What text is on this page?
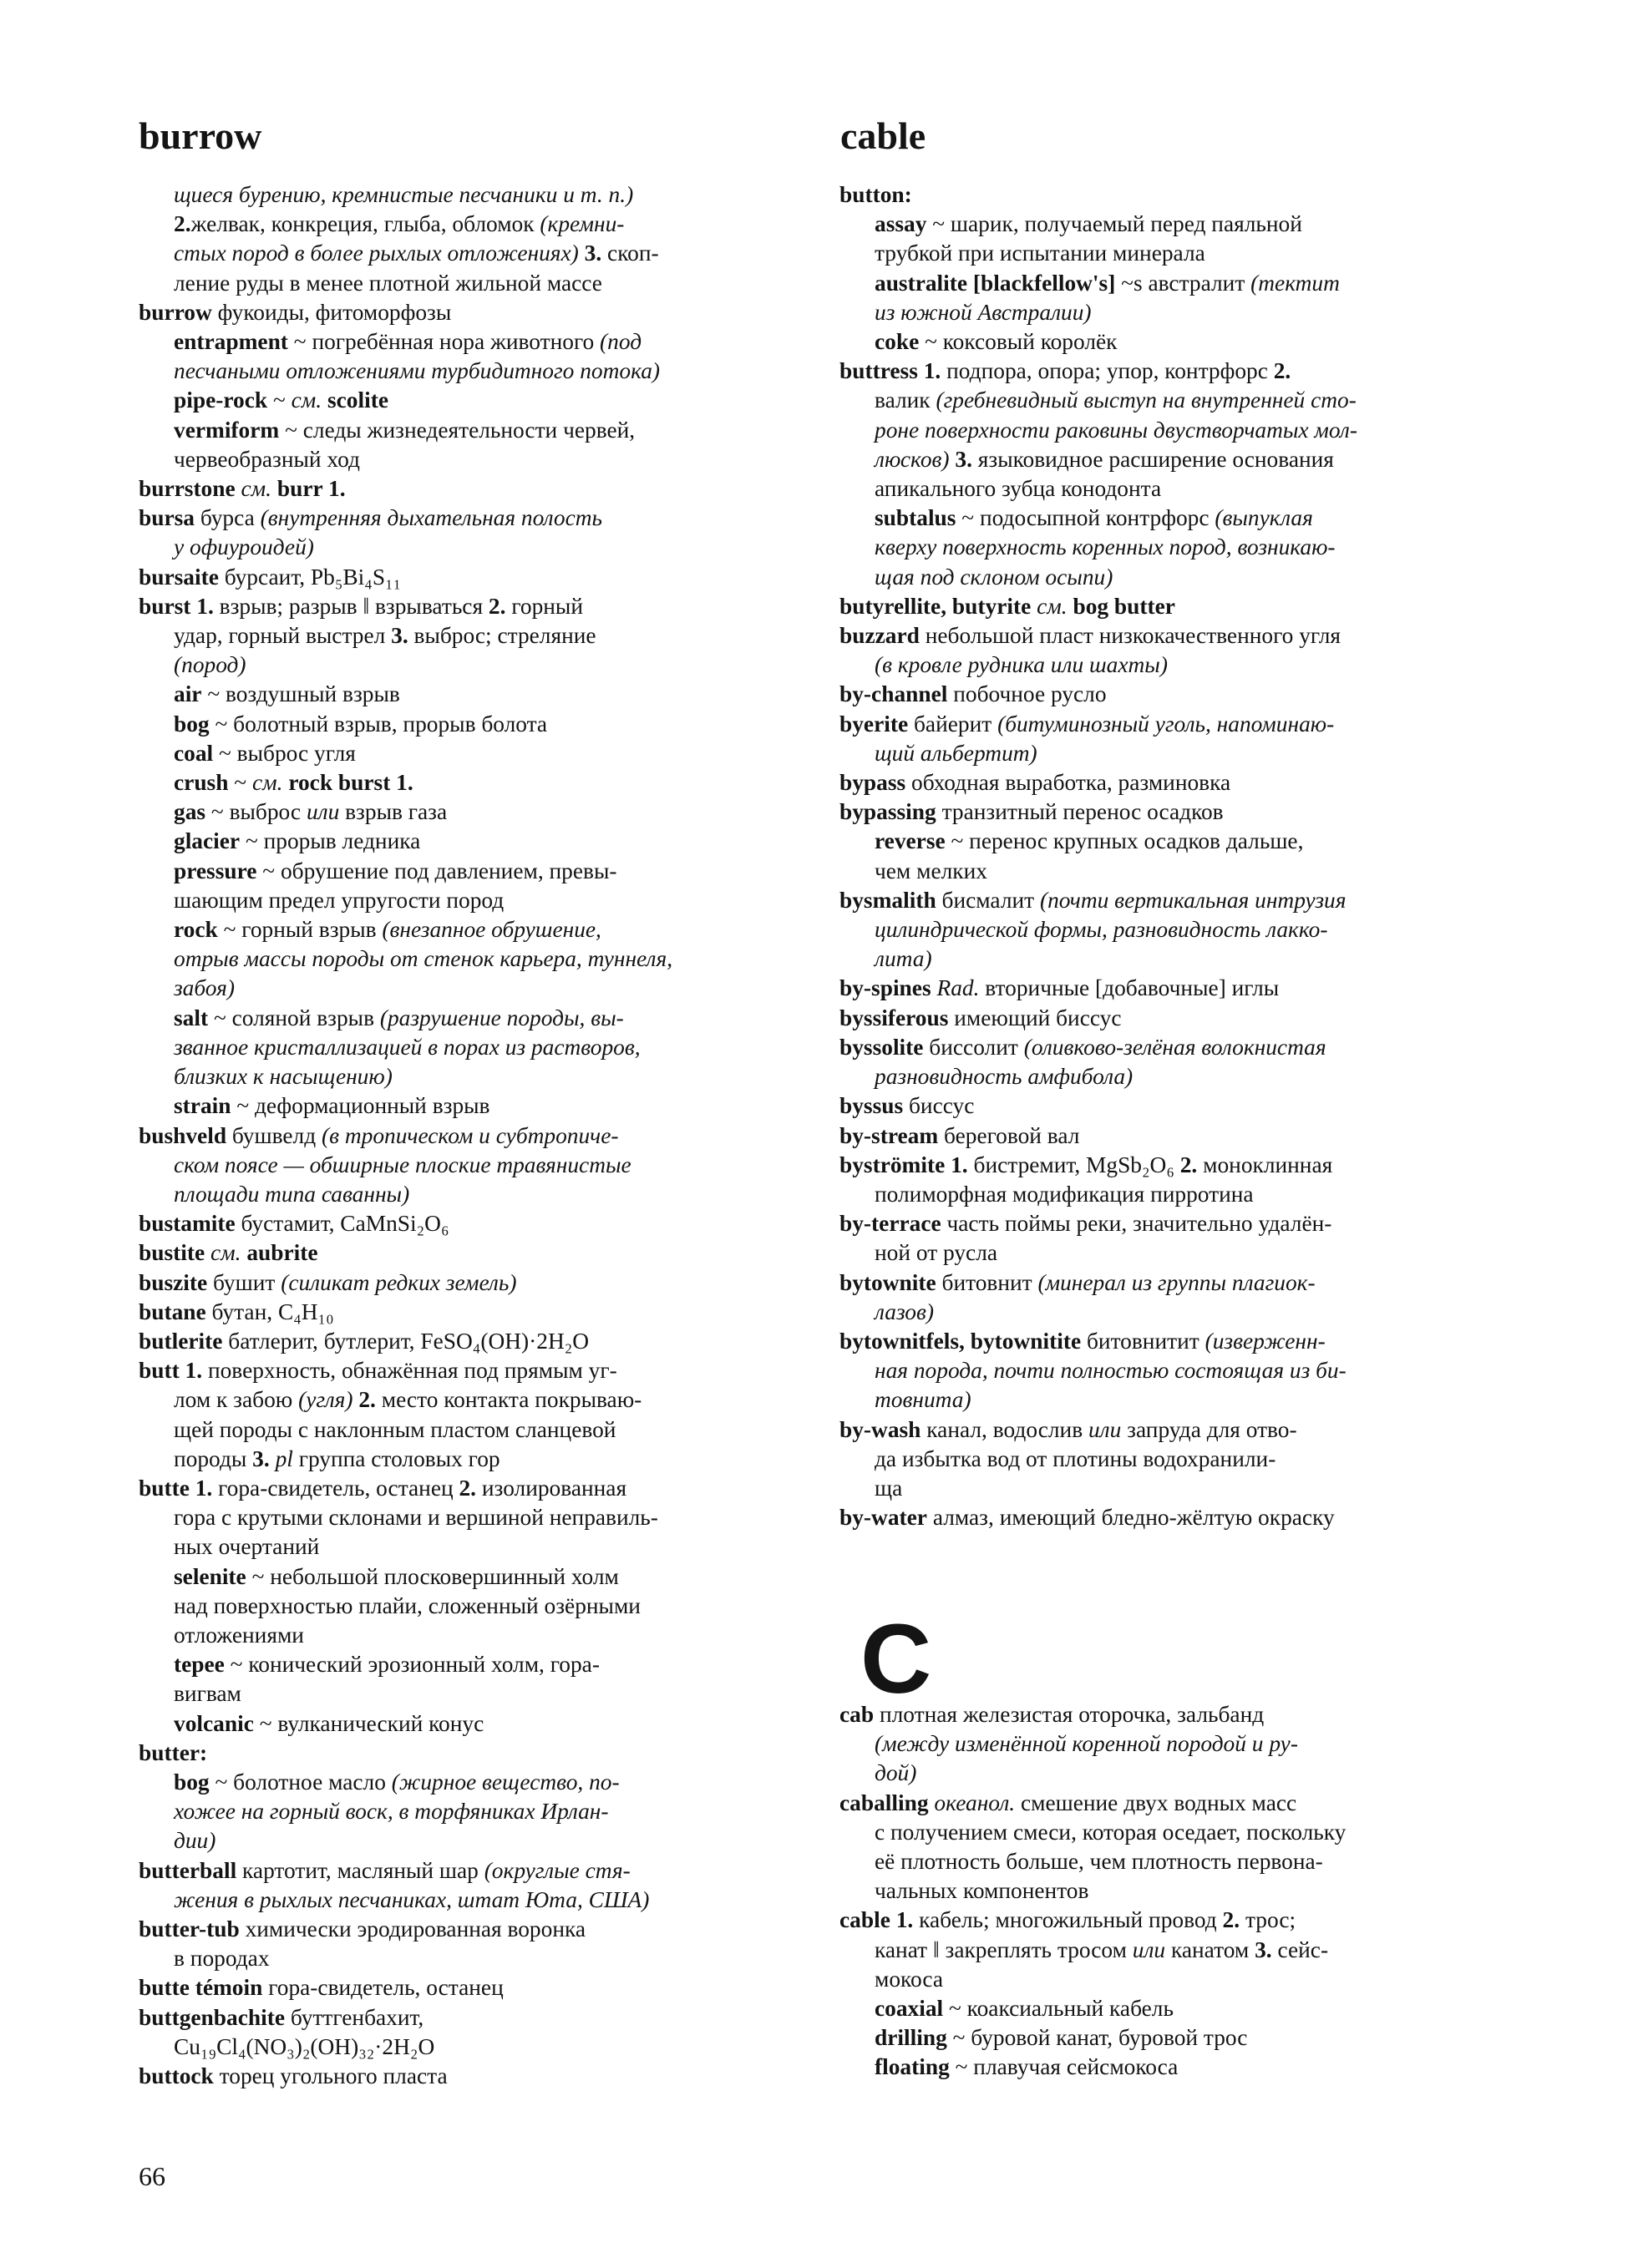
burrow	cable
щиеся бурению, кремнистые песчаники и т. п.)
2.желвак, конкреция, глыба, обломок (кремни-
стых пород в более рыхлых отложениях) 3. скоп-
ление руды в менее плотной жильной массе
burrow фукоиды, фитоморфозы
entrapment ~ погребённая нора животного (под
песчаными отложениями турбидитного потока)
pipe-rock ~ см. scolite
vermiform ~ следы жизнедеятельности червей,
червеобразный ход
burrstone см. burr 1.
bursa бурса (внутренняя дыхательная полость
у офиуроидей)
bursaite бурсаит, Pb₅Bi₄S₁₁
burst 1. взрыв; разрыв ‖ взрываться 2. горный
удар, горный выстрел 3. выброс; стреляние
(пород)
air ~ воздушный взрыв
bog ~ болотный взрыв, прорыв болота
coal ~ выброс угля
crush ~ см. rock burst 1.
gas ~ выброс или взрыв газа
glacier ~ прорыв ледника
pressure ~ обрушение под давлением, превы-
шающим предел упругости пород
rock ~ горный взрыв (внезапное обрушение,
отрыв массы породы от стенок карьера, туннеля,
забоя)
salt ~ соляной взрыв (разрушение породы, вы-
званное кристаллизацией в порах из растворов,
близких к насыщению)
strain ~ деформационный взрыв
bushveld бушвелд (в тропическом и субтропиче-
ском поясе — обширные плоские травянистые
площади типа саванны)
bustamite бустамит, CaMnSi₂O₆
bustite см. aubrite
buszite бушит (силикат редких земель)
butane бутан, C₄H₁₀
butlerite батлерит, бутлерит, FeSO₄(OH)·2H₂O
butt 1. поверхность, обнажённая под прямым уг-
лом к забою (угля) 2. место контакта покрываю-
щей породы с наклонным пластом сланцевой
породы 3. pl группа столовых гор
butte 1. гора-свидетель, останец 2. изолированная
гора с крутыми склонами и вершиной неправиль-
ных очертаний
selenite ~ небольшой плосковершинный холм
над поверхностью плайи, сложенный озёрными
отложениями
tepee ~ конический эрозионный холм, гора-
вигвам
volcanic ~ вулканический конус
butter:
bog ~ болотное масло (жирное вещество, по-
хожее на горный воск, в торфяниках Ирлан-
дии)
butterball картотит, масляный шар (округлые стя-
жения в рыхлых песчаниках, штат Юта, США)
butter-tub химически эродированная воронка
в породах
butte témoin гора-свидетель, останец
buttgenbachite буттгенбахит,
Cu₁₉Cl₄(NO₃)₂(OH)₃₂·2H₂O
buttock торец угольного пласта
button:
assay ~ шарик, получаемый перед паяльной
трубкой при испытании минерала
australite [blackfellow's] ~s австралит (тектит
из южной Австралии)
coke ~ коксовый королёк
buttress 1. подпора, опора; упор, контрфорс 2.
валик (гребневидный выступ на внутренней сто-
роне поверхности раковины двустворчатых мол-
люсков) 3. языковидное расширение основания
апикального зубца конодонта
subtalus ~ подосыпной контрфорс (выпуклая
кверху поверхность коренных пород, возникаю-
щая под склоном осыпи)
butyrellite, butyrite см. bog butter
buzzard небольшой пласт низкокачественного угля
(в кровле рудника или шахты)
by-channel побочное русло
byerite байерит (битуминозный уголь, напоминаю-
щий альбертит)
bypass обходная выработка, разминовка
bypassing транзитный перенос осадков
reverse ~ перенос крупных осадков дальше,
чем мелких
bysmalith бисмалит (почти вертикальная интрузия
цилиндрической формы, разновидность лакко-
лита)
by-spines Rad. вторичные [добавочные] иглы
byssiferous имеющий биссус
byssolite биссолит (оливково-зелёная волокнистая
разновидность амфибола)
byssus биссус
by-stream береговой вал
byströmite 1. бистремит, MgSb₂O₆ 2. моноклинная
полиморфная модификация пирротина
by-terrace часть поймы реки, значительно удалён-
ной от русла
bytownite битовнит (минерал из группы плагиок-
лазов)
bytownitfels, bytownitite битовнитит (изверженн-
ная порода, почти полностью состоящая из би-
товнита)
by-wash канал, водослив или запруда для отво-
да избытка вод от плотины водохранили-
ща
by-water алмаз, имеющий бледно-жёлтую окраску
C
cab плотная железистая оторочка, зальбанд
(между изменённой коренной породой и ру-
дой)
caballing океанол. смешение двух водных масс
с получением смеси, которая оседает, поскольку
её плотность больше, чем плотность первона-
чальных компонентов
cable 1. кабель; многожильный провод 2. трос;
канат ‖ закреплять тросом или канатом 3. сейс-
мокоса
coaxial ~ коаксиальный кабель
drilling ~ буровой канат, буровой трос
floating ~ плавучая сейсмокоса
66
